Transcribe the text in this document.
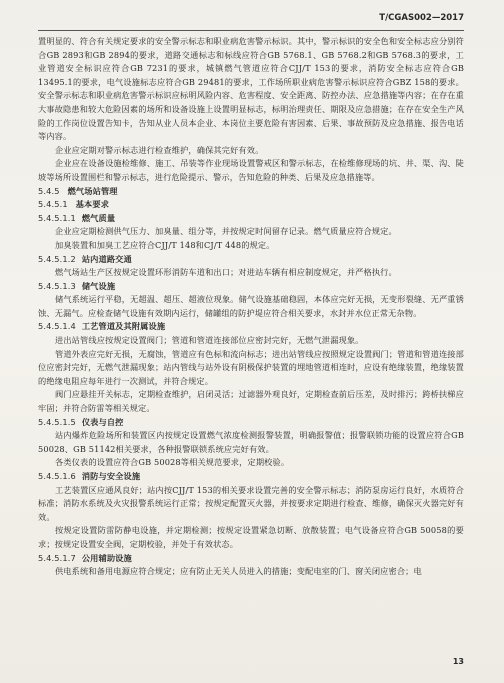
T/CGAS002—2017

置明显的、符合有关规定要求的安全警示标志和职业病危害警示标识。其中，警示标识的安全色和安全标志应分别符合GB 2893和GB 2894的要求，道路交通标志和标线应符合GB 5768.1、GB 5768.2和GB 5768.3的要求，工业管道安全标识应符合GB 7231的要求，城镇燃气管道应符合CJJ/T 153的要求，消防安全标志应符合GB 13495.1的要求，电气设施标志应符合GB 29481的要求，工作场所职业病危害警示标识应符合GBZ 158的要求。安全警示标志和职业病危害警示标识应标明风险内容、危害程度、安全距离、防控办法、应急措施等内容；在存在重大事故隐患和较大危险因素的场所和设备设施上设置明显标志，标明治理责任、期限及应急措施；在存在安全生产风险的工作岗位设置告知卡，告知从业人员本企业、本岗位主要危险有害因素、后果、事故预防及应急措施、报告电话等内容。

企业应定期对警示标志进行检查维护，确保其完好有效。

企业应在设备设施检维修、施工、吊装等作业现场设置警戒区和警示标志，在检维修现场的坑、井、渠、沟、陡坡等场所设置围栏和警示标志，进行危险提示、警示，告知危险的种类、后果及应急措施等。

5.4.5 燃气场站管理
5.4.5.1 基本要求
5.4.5.1.1 燃气质量

企业应定期检测供气压力、加臭量、组分等，并按规定时间留存记录。燃气质量应符合规定。

加臭装置和加臭工艺应符合CJJ/T 148和CJ/T 448的规定。

5.4.5.1.2 站内道路交通

燃气场站生产区按规定设置环形消防车道和出口；对进站车辆有相应制度规定，并严格执行。

5.4.5.1.3 储气设施

储气系统运行平稳，无超温、超压、超液位现象。储气设施基础稳固，本体应完好无损，无变形裂缝、无严重锈蚀、无漏气。应检查储气设施有效期内运行，储罐组的防护堤应符合相关要求，水封并水位正常无杂物。

5.4.5.1.4 工艺管道及其附属设施

进出站管线应按规定设置阀门；管道和管道连接部位应密封完好，无燃气泄漏现象。

管道外表应完好无损，无腐蚀，管道应有色标和流向标志；进出站管线应按照规定设置阀门；管道和管道连接部位应密封完好，无燃气泄漏现象；站内管线与站外设有阴极保护装置的埋地管道相连时，应设有绝缘装置，绝缘装置的绝缘电阻应每年进行一次测试，并符合规定。

阀门应悬挂开关标志，定期检查维护，启闭灵活；过滤器外观良好，定期检查前后压差，及时排污；跨桥扶梯应牢固；并符合防雷等相关规定。

5.4.5.1.5 仪表与自控

站内爆炸危险场所和装置区内按规定设置燃气浓度检测报警装置，明确报警值；报警联锁功能的设置应符合GB 50028、GB 51142相关要求，各种报警联锁系统应完好有效。

各类仪表的设置应符合GB 50028等相关规范要求，定期校验。

5.4.5.1.6 消防与安全设施

工艺装置区应通风良好；站内按CJJ/T 153的相关要求设置完善的安全警示标志；消防泵房运行良好，水质符合标准；消防水系统及火灾报警系统运行正常；按规定配置灭火器，并按要求定期进行检查、维修，确保灭火器完好有效。

按规定设置防雷防静电设施，并定期检测；按规定设置紧急切断、放散装置；电气设备应符合GB 50058的要求；按规定设置安全阀，定期校验，并处于有效状态。

5.4.5.1.7 公用辅助设施

供电系统和备用电源应符合规定；应有防止无关人员进入的措施；变配电室的门、窗关闭应密合；电

13
